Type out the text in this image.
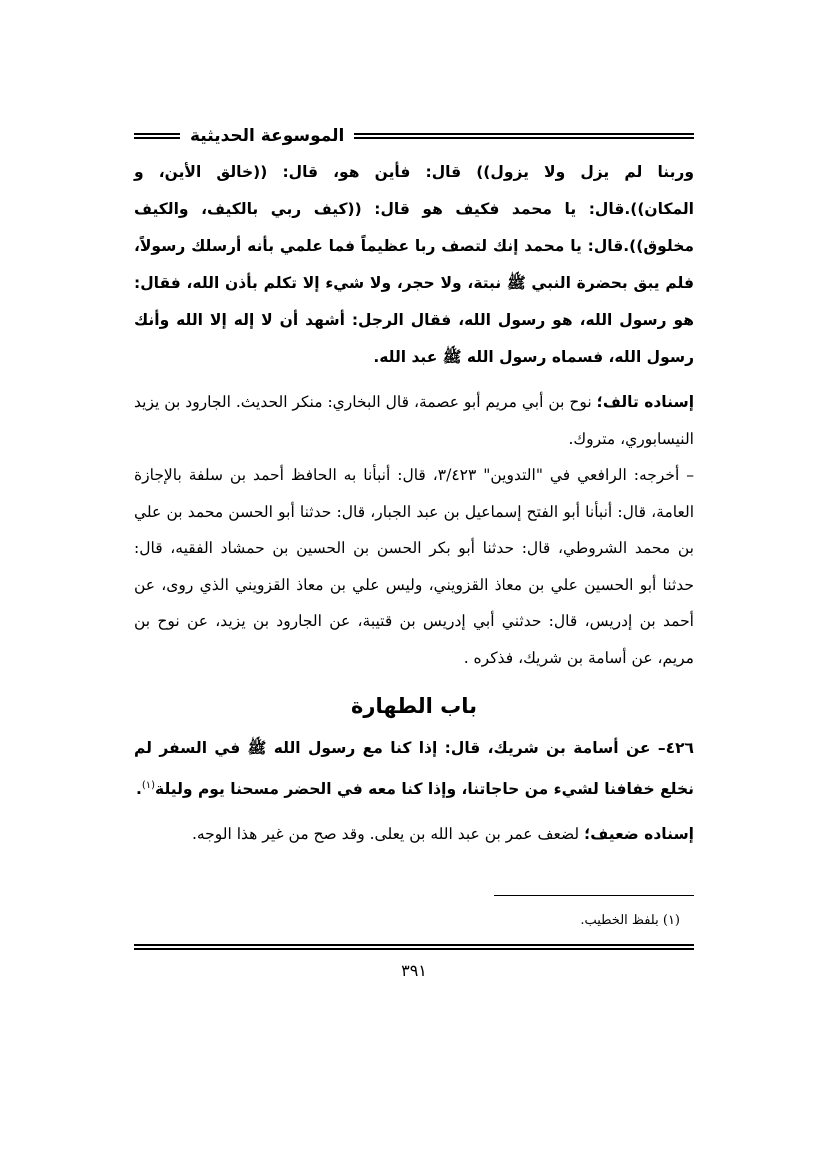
الموسوعة الحديثية

وربنا لم يزل ولا يزول)) قال: فأين هو، قال: ((خالق الأين، و المكان)).قال: يا محمد فكيف هو قال: ((كيف ربي بالكيف، والكيف مخلوق)).قال: يا محمد إنك لتصف ربا عظيماً فما علمي بأنه أرسلك رسولاً، فلم يبق بحضرة النبي ﷺ نبتة، ولا حجر، ولا شيء إلا تكلم بأذن الله، فقال: هو رسول الله، هو رسول الله، فقال الرجل: أشهد أن لا إله إلا الله وأنك رسول الله، فسماه رسول الله ﷺ عبد الله.

إسناده تالف؛ نوح بن أبي مريم أبو عصمة، قال البخاري: منكر الحديث. الجارود بن يزيد النيسابوري، متروك.

– أخرجه: الرافعي في "التدوين" ٣/٤٢٣، قال: أنبأنا به الحافظ أحمد بن سلفة بالإجازة العامة، قال: أنبأنا أبو الفتح إسماعيل بن عبد الجبار، قال: حدثنا أبو الحسن محمد بن علي بن محمد الشروطي، قال: حدثنا أبو بكر الحسن بن الحسين بن حمشاد الفقيه، قال: حدثنا أبو الحسين علي بن معاذ القزويني، وليس علي بن معاذ القزويني الذي روى، عن أحمد بن إدريس، قال: حدثني أبي إدريس بن قتيبة، عن الجارود بن يزيد، عن نوح بن مريم، عن أسامة بن شريك، فذكره .

باب الطهارة

٤٢٦– عن أسامة بن شريك، قال: إذا كنا مع رسول الله ﷺ في السفر لم نخلع خفافنا لشيء من حاجاتنا، وإذا كنا معه في الحضر مسحنا يوم وليلة$^{(١)}$.

إسناده ضعيف؛ لضعف عمر بن عبد الله بن يعلى. وقد صح من غير هذا الوجه.

(١) بلفظ الخطيب.
٣٩١
